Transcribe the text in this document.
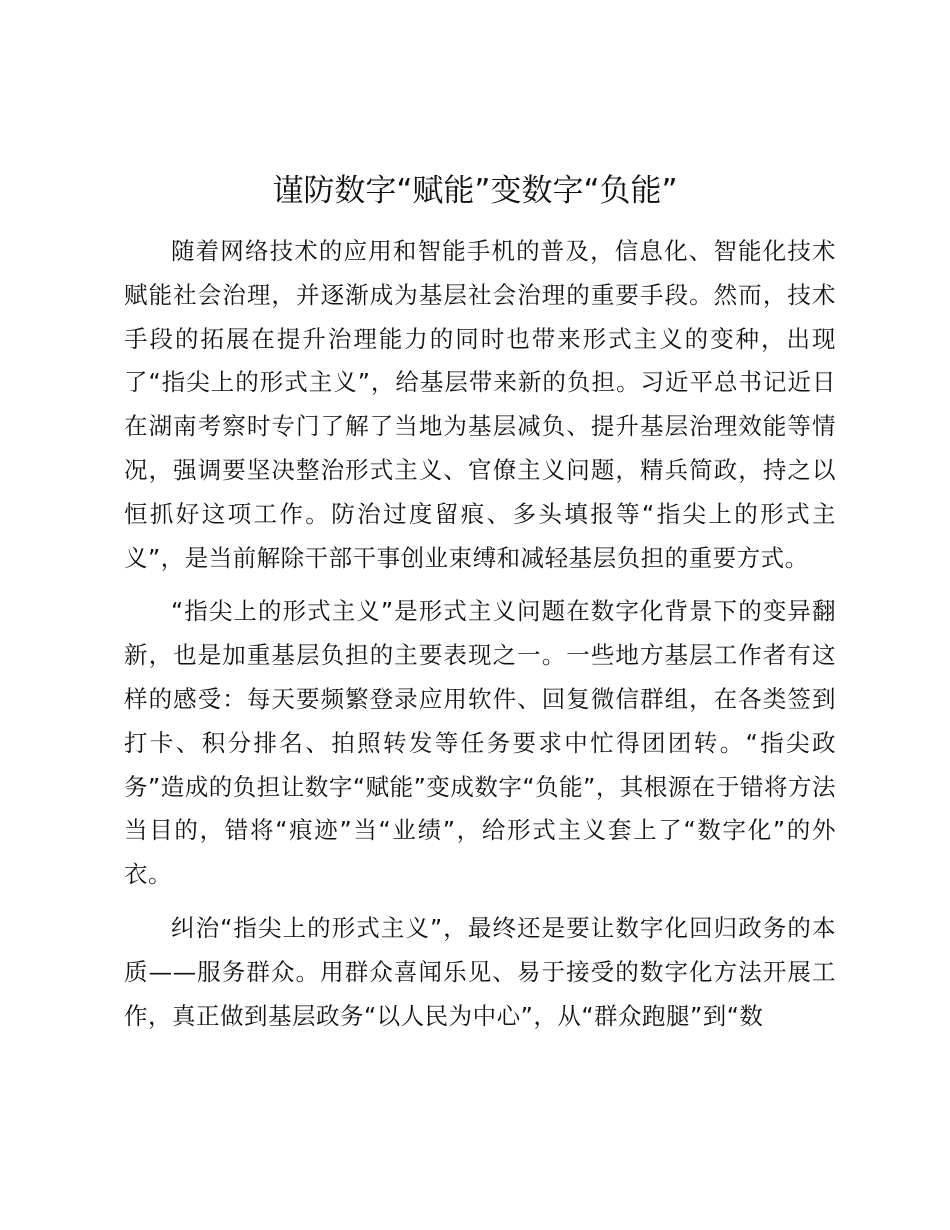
谨防数字“赋能”变数字“负能”

随着网络技术的应用和智能手机的普及，信息化、智能化技术赋能社会治理，并逐渐成为基层社会治理的重要手段。然而，技术手段的拓展在提升治理能力的同时也带来形式主义的变种，出现了“指尖上的形式主义”，给基层带来新的负担。习近平总书记近日在湖南考察时专门了解了当地为基层减负、提升基层治理效能等情况，强调要坚决整治形式主义、官僚主义问题，精兵简政，持之以恒抓好这项工作。防治过度留痕、多头填报等“指尖上的形式主义”，是当前解除干部干事创业束缚和减轻基层负担的重要方式。

“指尖上的形式主义”是形式主义问题在数字化背景下的变异翻新，也是加重基层负担的主要表现之一。一些地方基层工作者有这样的感受：每天要频繁登录应用软件、回复微信群组，在各类签到打卡、积分排名、拍照转发等任务要求中忙得团团转。“指尖政务”造成的负担让数字“赋能”变成数字“负能”，其根源在于错将方法当目的，错将“痕迹”当“业绩”，给形式主义套上了“数字化”的外衣。

纠治“指尖上的形式主义”，最终还是要让数字化回归政务的本质——服务群众。用群众喜闻乐见、易于接受的数字化方法开展工作，真正做到基层政务“以人民为中心”，从“群众跑腿”到“数
